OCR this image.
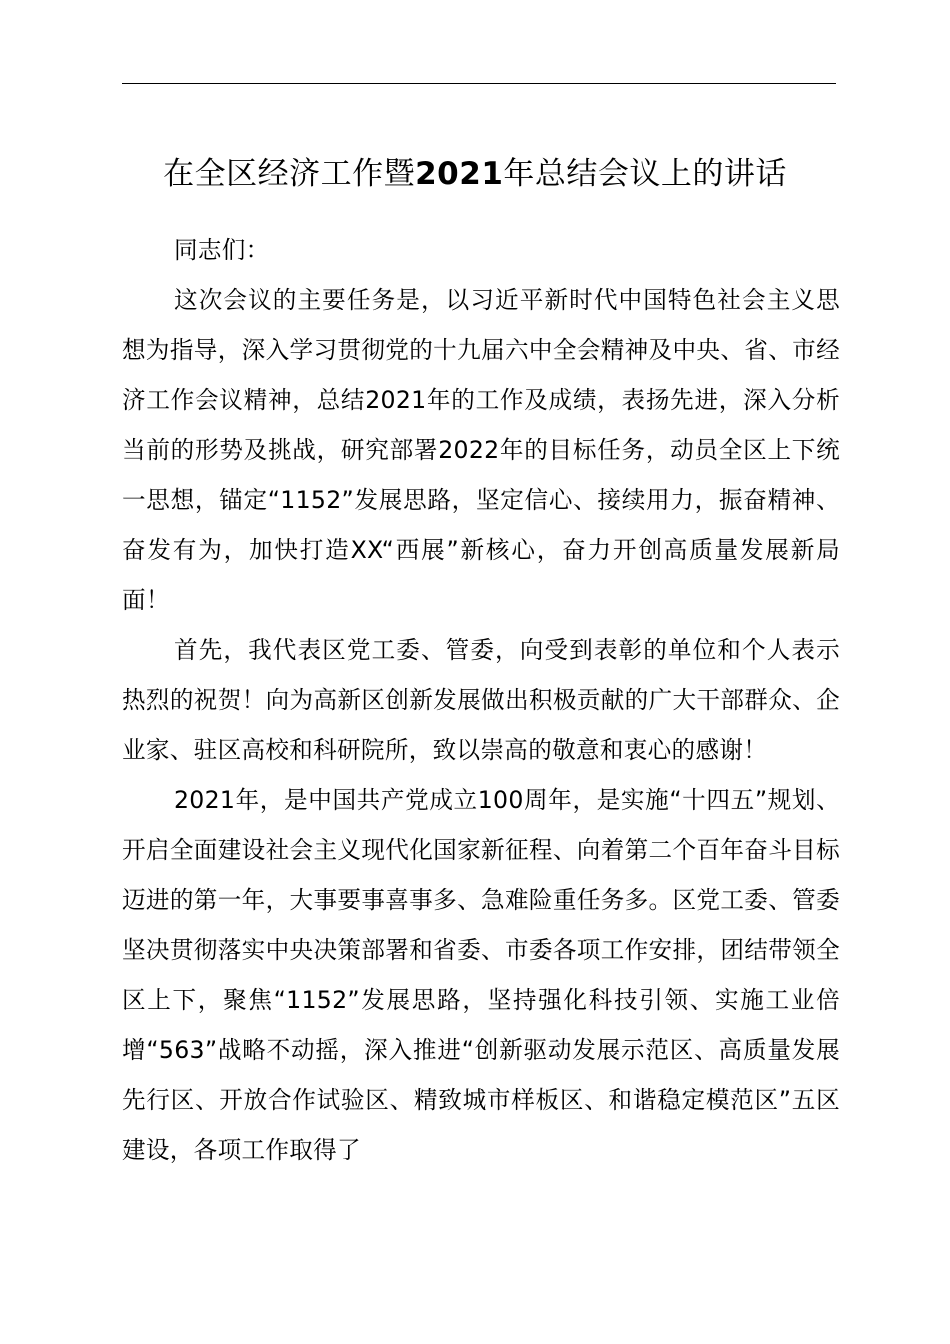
在全区经济工作暨2021年总结会议上的讲话

同志们：

这次会议的主要任务是，以习近平新时代中国特色社会主义思想为指导，深入学习贯彻党的十九届六中全会精神及中央、省、市经济工作会议精神，总结2021年的工作及成绩，表扬先进，深入分析当前的形势及挑战，研究部署2022年的目标任务，动员全区上下统一思想，锚定“1152”发展思路，坚定信心、接续用力，振奋精神、奋发有为，加快打造XX“西展”新核心，奋力开创高质量发展新局面！

首先，我代表区党工委、管委，向受到表彰的单位和个人表示热烈的祝贺！向为高新区创新发展做出积极贡献的广大干部群众、企业家、驻区高校和科研院所，致以崇高的敬意和衷心的感谢！

2021年，是中国共产党成立100周年，是实施“十四五”规划、开启全面建设社会主义现代化国家新征程、向着第二个百年奋斗目标迈进的第一年，大事要事喜事多、急难险重任务多。区党工委、管委坚决贯彻落实中央决策部署和省委、市委各项工作安排，团结带领全区上下，聚焦“1152”发展思路，坚持强化科技引领、实施工业倍增“563”战略不动摇，深入推进“创新驱动发展示范区、高质量发展先行区、开放合作试验区、精致城市样板区、和谐稳定模范区”五区建设，各项工作取得了
